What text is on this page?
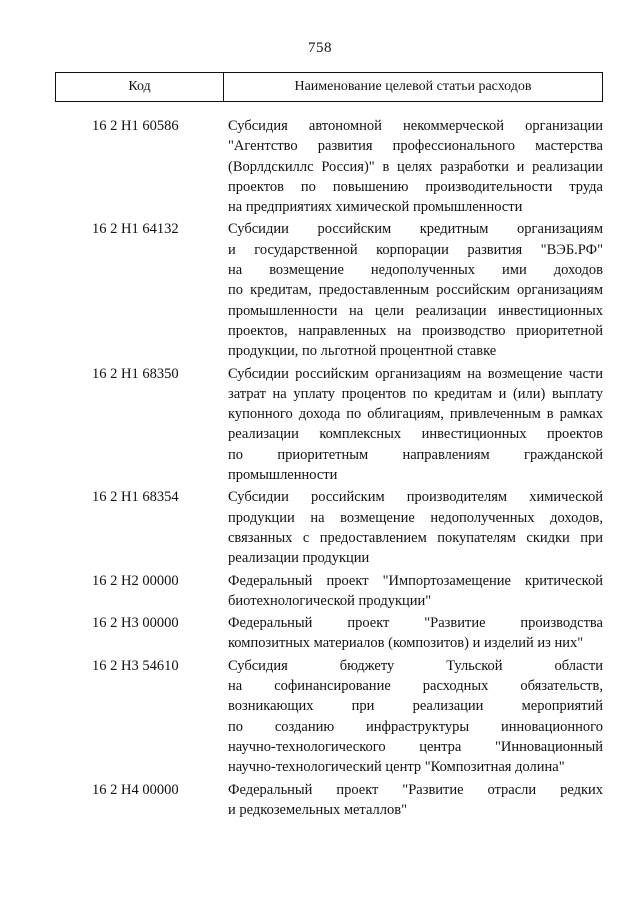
758
Код	Наименование целевой статьи расходов
16 2 H1 60586	Субсидия автономной некоммерческой организации
"Агентство развития профессионального мастерства
(Ворлдскиллс Россия)" в целях разработки и реализации
проектов по повышению производительности труда
на предприятиях химической промышленности
16 2 H1 64132	Субсидии российским кредитным организациям
и государственной корпорации развития "ВЭБ.РФ"
на возмещение недополученных ими доходов
по кредитам, предоставленным российским организациям
промышленности на цели реализации инвестиционных
проектов, направленных на производство приоритетной
продукции, по льготной процентной ставке
16 2 H1 68350	Субсидии российским организациям на возмещение части
затрат на уплату процентов по кредитам и (или) выплату
купонного дохода по облигациям, привлеченным в рамках
реализации комплексных инвестиционных проектов
по приоритетным направлениям гражданской
промышленности
16 2 H1 68354	Субсидии российским производителям химической
продукции на возмещение недополученных доходов,
связанных с предоставлением покупателям скидки при
реализации продукции
16 2 H2 00000	Федеральный проект "Импортозамещение критической
биотехнологической продукции"
16 2 H3 00000	Федеральный проект "Развитие производства
композитных материалов (композитов) и изделий из них"
16 2 H3 54610	Субсидия бюджету Тульской области
на софинансирование расходных обязательств,
возникающих при реализации мероприятий
по созданию инфраструктуры инновационного
научно-технологического центра "Инновационный
научно-технологический центр "Композитная долина"
16 2 H4 00000	Федеральный проект "Развитие отрасли редких
и редкоземельных металлов"
